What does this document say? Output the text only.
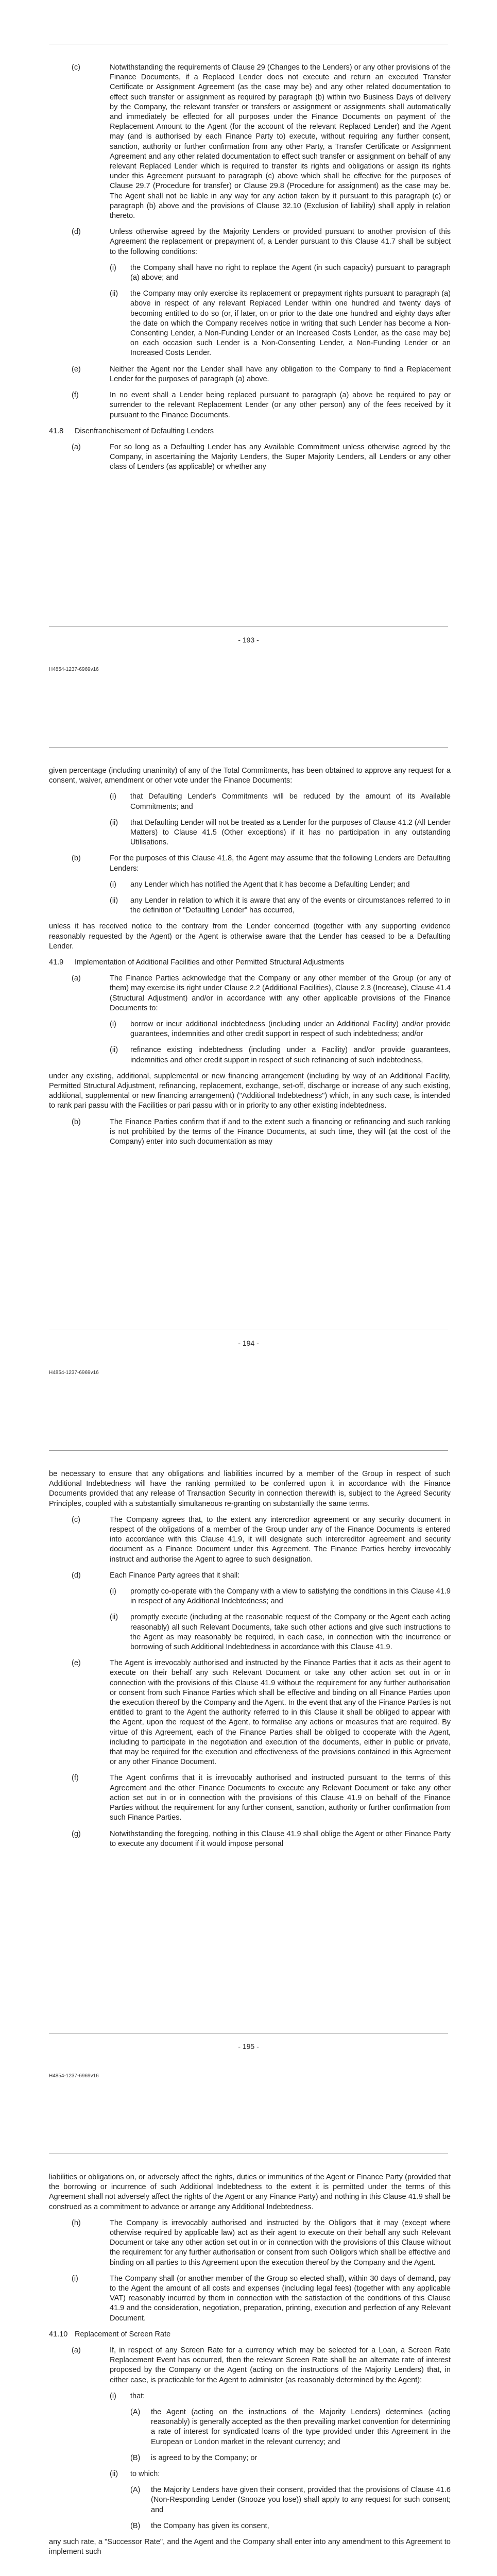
(c)	Notwithstanding the requirements of Clause 29 (Changes to the Lenders) or any other provisions of the Finance Documents, if a Replaced Lender does not execute and return an executed Transfer Certificate or Assignment Agreement (as the case may be) and any other related documentation to effect such transfer or assignment as required by paragraph (b) within two Business Days of delivery by the Company, the relevant transfer or transfers or assignment or assignments shall automatically and immediately be effected for all purposes under the Finance Documents on payment of the Replacement Amount to the Agent (for the account of the relevant Replaced Lender) and the Agent may (and is authorised by each Finance Party to) execute, without requiring any further consent, sanction, authority or further confirmation from any other Party, a Transfer Certificate or Assignment Agreement and any other related documentation to effect such transfer or assignment on behalf of any relevant Replaced Lender which is required to transfer its rights and obligations or assign its rights under this Agreement pursuant to paragraph (c) above which shall be effective for the purposes of Clause 29.7 (Procedure for transfer) or Clause 29.8 (Procedure for assignment) as the case may be. The Agent shall not be liable in any way for any action taken by it pursuant to this paragraph (c) or paragraph (b) above and the provisions of Clause 32.10 (Exclusion of liability) shall apply in relation thereto.

(d)	Unless otherwise agreed by the Majority Lenders or provided pursuant to another provision of this Agreement the replacement or prepayment of, a Lender pursuant to this Clause 41.7 shall be subject to the following conditions:

(i)	the Company shall have no right to replace the Agent (in such capacity) pursuant to paragraph (a) above; and

(ii)	the Company may only exercise its replacement or prepayment rights pursuant to paragraph (a) above in respect of any relevant Replaced Lender within one hundred and twenty days of becoming entitled to do so (or, if later, on or prior to the date one hundred and eighty days after the date on which the Company receives notice in writing that such Lender has become a Non-Consenting Lender, a Non-Funding Lender or an Increased Costs Lender, as the case may be) on each occasion such Lender is a Non-Consenting Lender, a Non-Funding Lender or an Increased Costs Lender.

(e)	Neither the Agent nor the Lender shall have any obligation to the Company to find a Replacement Lender for the purposes of paragraph (a) above.

(f)	In no event shall a Lender being replaced pursuant to paragraph (a) above be required to pay or surrender to the relevant Replacement Lender (or any other person) any of the fees received by it pursuant to the Finance Documents.

41.8	Disenfranchisement of Defaulting Lenders
(a)	For so long as a Defaulting Lender has any Available Commitment unless otherwise agreed by the Company, in ascertaining the Majority Lenders, the Super Majority Lenders, all Lenders or any other class of Lenders (as applicable) or whether any

- 193 -
H4854-1237-6969v16

given percentage (including unanimity) of any of the Total Commitments, has been obtained to approve any request for a consent, waiver, amendment or other vote under the Finance Documents:

(i)	that Defaulting Lender's Commitments will be reduced by the amount of its Available Commitments; and

(ii)	that Defaulting Lender will not be treated as a Lender for the purposes of Clause 41.2 (All Lender Matters) to Clause 41.5 (Other exceptions) if it has no participation in any outstanding Utilisations.

(b)	For the purposes of this Clause 41.8, the Agent may assume that the following Lenders are Defaulting Lenders:

(i)	any Lender which has notified the Agent that it has become a Defaulting Lender; and

(ii)	any Lender in relation to which it is aware that any of the events or circumstances referred to in the definition of "Defaulting Lender" has occurred,

unless it has received notice to the contrary from the Lender concerned (together with any supporting evidence reasonably requested by the Agent) or the Agent is otherwise aware that the Lender has ceased to be a Defaulting Lender.

41.9	Implementation of Additional Facilities and other Permitted Structural Adjustments
(a)	The Finance Parties acknowledge that the Company or any other member of the Group (or any of them) may exercise its right under Clause 2.2 (Additional Facilities), Clause 2.3 (Increase), Clause 41.4 (Structural Adjustment) and/or in accordance with any other applicable provisions of the Finance Documents to:

(i)	borrow or incur additional indebtedness (including under an Additional Facility) and/or provide guarantees, indemnities and other credit support in respect of such indebtedness; and/or

(ii)	refinance existing indebtedness (including under a Facility) and/or provide guarantees, indemnities and other credit support in respect of such refinancing of such indebtedness,

under any existing, additional, supplemental or new financing arrangement (including by way of an Additional Facility, Permitted Structural Adjustment, refinancing, replacement, exchange, set-off, discharge or increase of any such existing, additional, supplemental or new financing arrangement) ("Additional Indebtedness") which, in any such case, is intended to rank pari passu with the Facilities or pari passu with or in priority to any other existing indebtedness.

(b)	The Finance Parties confirm that if and to the extent such a financing or refinancing and such ranking is not prohibited by the terms of the Finance Documents, at such time, they will (at the cost of the Company) enter into such documentation as may

- 194 -
H4854-1237-6969v16

be necessary to ensure that any obligations and liabilities incurred by a member of the Group in respect of such Additional Indebtedness will have the ranking permitted to be conferred upon it in accordance with the Finance Documents provided that any release of Transaction Security in connection therewith is, subject to the Agreed Security Principles, coupled with a substantially simultaneous re-granting on substantially the same terms.

(c)	The Company agrees that, to the extent any intercreditor agreement or any security document in respect of the obligations of a member of the Group under any of the Finance Documents is entered into accordance with this Clause 41.9, it will designate such intercreditor agreement and security document as a Finance Document under this Agreement. The Finance Parties hereby irrevocably instruct and authorise the Agent to agree to such designation.

(d)	Each Finance Party agrees that it shall:

(i)	promptly co-operate with the Company with a view to satisfying the conditions in this Clause 41.9 in respect of any Additional Indebtedness; and

(ii)	promptly execute (including at the reasonable request of the Company or the Agent each acting reasonably) all such Relevant Documents, take such other actions and give such instructions to the Agent as may reasonably be required, in each case, in connection with the incurrence or borrowing of such Additional Indebtedness in accordance with this Clause 41.9.

(e)	The Agent is irrevocably authorised and instructed by the Finance Parties that it acts as their agent to execute on their behalf any such Relevant Document or take any other action set out in or in connection with the provisions of this Clause 41.9 without the requirement for any further authorisation or consent from such Finance Parties which shall be effective and binding on all Finance Parties upon the execution thereof by the Company and the Agent. In the event that any of the Finance Parties is not entitled to grant to the Agent the authority referred to in this Clause it shall be obliged to appear with the Agent, upon the request of the Agent, to formalise any actions or measures that are required. By virtue of this Agreement, each of the Finance Parties shall be obliged to cooperate with the Agent, including to participate in the negotiation and execution of the documents, either in public or private, that may be required for the execution and effectiveness of the provisions contained in this Agreement or any other Finance Document.

(f)	The Agent confirms that it is irrevocably authorised and instructed pursuant to the terms of this Agreement and the other Finance Documents to execute any Relevant Document or take any other action set out in or in connection with the provisions of this Clause 41.9 on behalf of the Finance Parties without the requirement for any further consent, sanction, authority or further confirmation from such Finance Parties.

(g)	Notwithstanding the foregoing, nothing in this Clause 41.9 shall oblige the Agent or other Finance Party to execute any document if it would impose personal

- 195 -
H4854-1237-6969v16

liabilities or obligations on, or adversely affect the rights, duties or immunities of the Agent or Finance Party (provided that the borrowing or incurrence of such Additional Indebtedness to the extent it is permitted under the terms of this Agreement shall not adversely affect the rights of the Agent or any Finance Party) and nothing in this Clause 41.9 shall be construed as a commitment to advance or arrange any Additional Indebtedness.

(h)	The Company is irrevocably authorised and instructed by the Obligors that it may (except where otherwise required by applicable law) act as their agent to execute on their behalf any such Relevant Document or take any other action set out in or in connection with the provisions of this Clause without the requirement for any further authorisation or consent from such Obligors which shall be effective and binding on all parties to this Agreement upon the execution thereof by the Company and the Agent.

(i)	The Company shall (or another member of the Group so elected shall), within 30 days of demand, pay to the Agent the amount of all costs and expenses (including legal fees) (together with any applicable VAT) reasonably incurred by them in connection with the satisfaction of the conditions of this Clause 41.9 and the consideration, negotiation, preparation, printing, execution and perfection of any Relevant Document.

41.10 Replacement of Screen Rate
(a)	If, in respect of any Screen Rate for a currency which may be selected for a Loan, a Screen Rate Replacement Event has occurred, then the relevant Screen Rate shall be an alternate rate of interest proposed by the Company or the Agent (acting on the instructions of the Majority Lenders) that, in either case, is practicable for the Agent to administer (as reasonably determined by the Agent):

(i)	that:

(A)	the Agent (acting on the instructions of the Majority Lenders) determines (acting reasonably) is generally accepted as the then prevailing market convention for determining a rate of interest for syndicated loans of the type provided under this Agreement in the European or London market in the relevant currency; and

(B)	is agreed to by the Company; or

(ii)	to which:

(A)	the Majority Lenders have given their consent, provided that the provisions of Clause 41.6 (Non-Responding Lender (Snooze you lose)) shall apply to any request for such consent; and

(B)	the Company has given its consent,

any such rate, a "Successor Rate", and the Agent and the Company shall enter into any amendment to this Agreement to implement such
